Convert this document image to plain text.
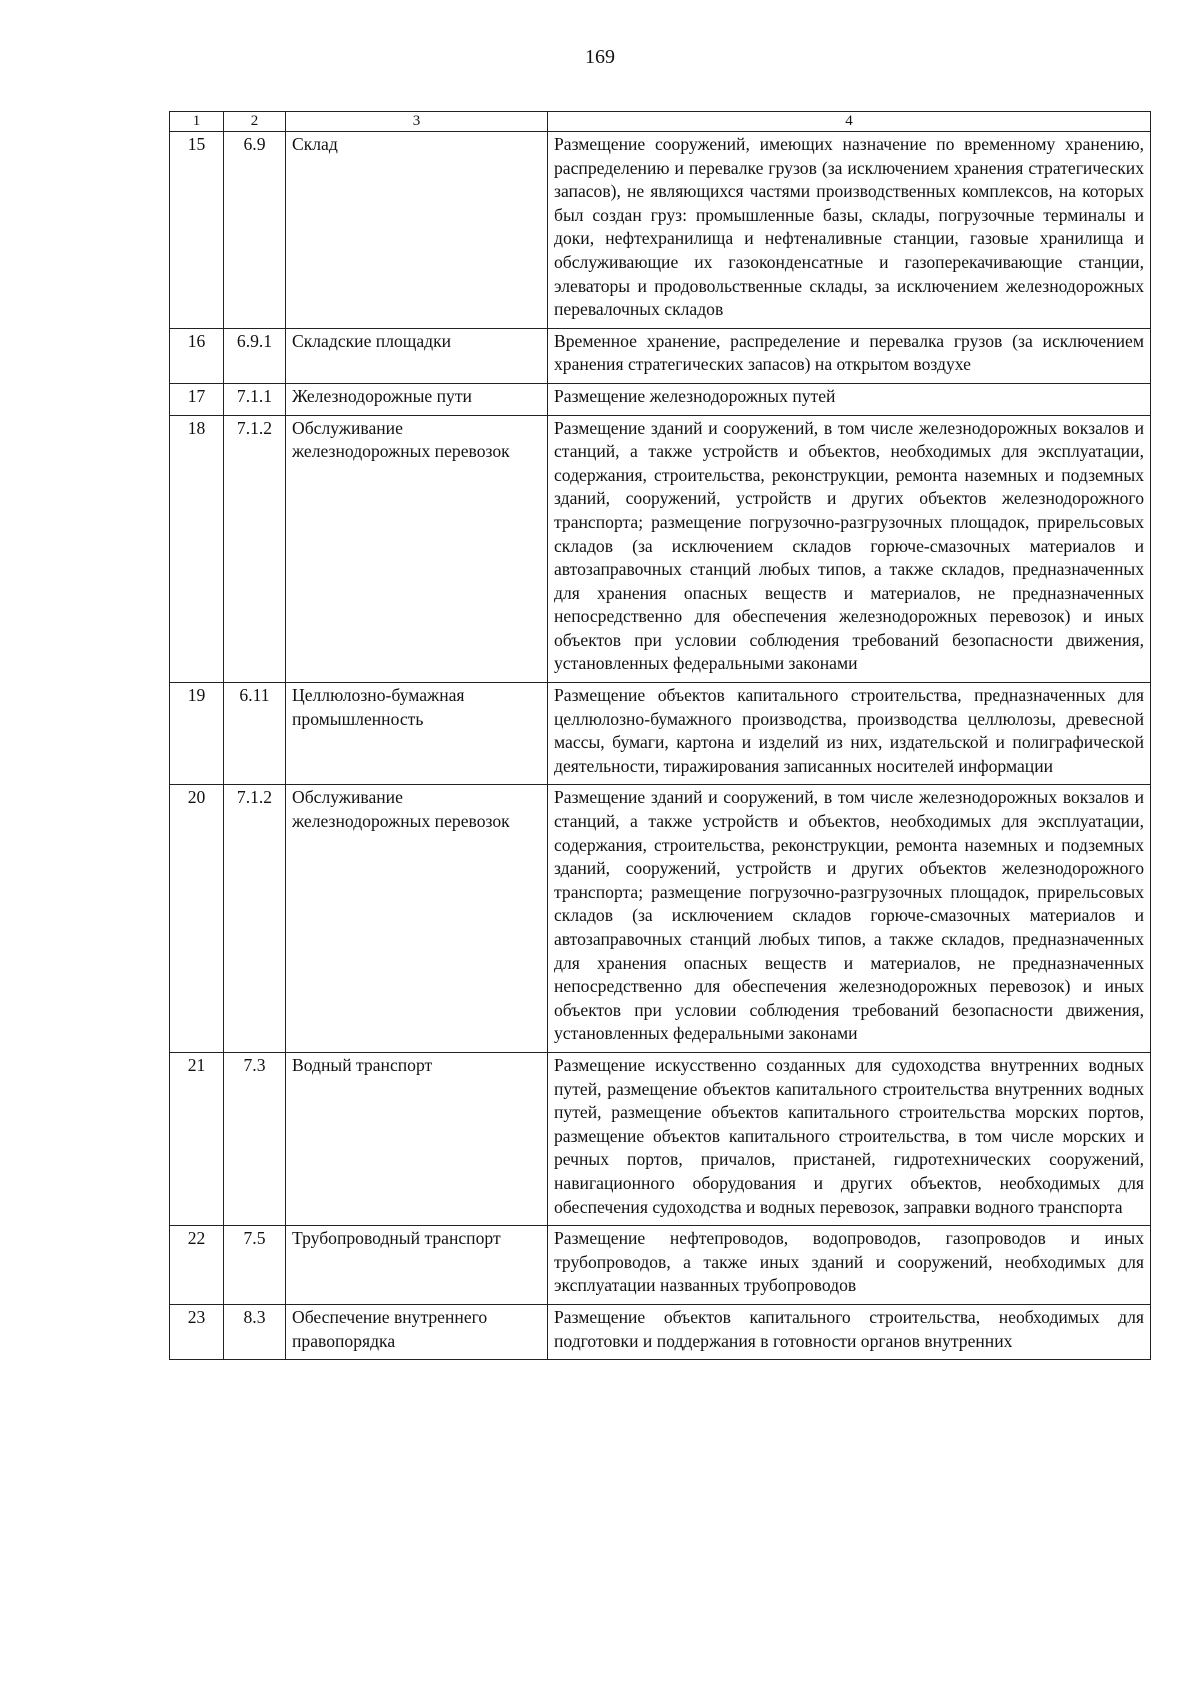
169
1	2	3	4
15	6.9	Склад	Размещение сооружений, имеющих назначение по временному хранению, распределению и перевалке грузов (за исключением хранения стратегических запасов), не являющихся частями производственных комплексов, на которых был создан груз: промышленные базы, склады, погрузочные терминалы и доки, нефтехранилища и нефтеналивные станции, газовые хранилища и обслуживающие их газоконденсатные и газоперекачивающие станции, элеваторы и продовольственные склады, за исключением железнодорожных перевалочных складов
16	6.9.1	Складские площадки	Временное хранение, распределение и перевалка грузов (за исключением хранения стратегических запасов) на открытом воздухе
17	7.1.1	Железнодорожные пути	Размещение железнодорожных путей
18	7.1.2	Обслуживание железнодорожных перевозок	Размещение зданий и сооружений, в том числе железнодорожных вокзалов и станций, а также устройств и объектов, необходимых для эксплуатации, содержания, строительства, реконструкции, ремонта наземных и подземных зданий, сооружений, устройств и других объектов железнодорожного транспорта; размещение погрузочно-разгрузочных площадок, прирельсовых складов (за исключением складов горюче-смазочных материалов и автозаправочных станций любых типов, а также складов, предназначенных для хранения опасных веществ и материалов, не предназначенных непосредственно для обеспечения железнодорожных перевозок) и иных объектов при условии соблюдения требований безопасности движения, установленных федеральными законами
19	6.11	Целлюлозно-бумажная промышленность	Размещение объектов капитального строительства, предназначенных для целлюлозно-бумажного производства, производства целлюлозы, древесной массы, бумаги, картона и изделий из них, издательской и полиграфической деятельности, тиражирования записанных носителей информации
20	7.1.2	Обслуживание железнодорожных перевозок	Размещение зданий и сооружений, в том числе железнодорожных вокзалов и станций, а также устройств и объектов, необходимых для эксплуатации, содержания, строительства, реконструкции, ремонта наземных и подземных зданий, сооружений, устройств и других объектов железнодорожного транспорта; размещение погрузочно-разгрузочных площадок, прирельсовых складов (за исключением складов горюче-смазочных материалов и автозаправочных станций любых типов, а также складов, предназначенных для хранения опасных веществ и материалов, не предназначенных непосредственно для обеспечения железнодорожных перевозок) и иных объектов при условии соблюдения требований безопасности движения, установленных федеральными законами
21	7.3	Водный транспорт	Размещение искусственно созданных для судоходства внутренних водных путей, размещение объектов капитального строительства внутренних водных путей, размещение объектов капитального строительства морских портов, размещение объектов капитального строительства, в том числе морских и речных портов, причалов, пристаней, гидротехнических сооружений, навигационного оборудования и других объектов, необходимых для обеспечения судоходства и водных перевозок, заправки водного транспорта
22	7.5	Трубопроводный транспорт	Размещение нефтепроводов, водопроводов, газопроводов и иных трубопроводов, а также иных зданий и сооружений, необходимых для эксплуатации названных трубопроводов
23	8.3	Обеспечение внутреннего правопорядка	Размещение объектов капитального строительства, необходимых для подготовки и поддержания в готовности органов внутренних
